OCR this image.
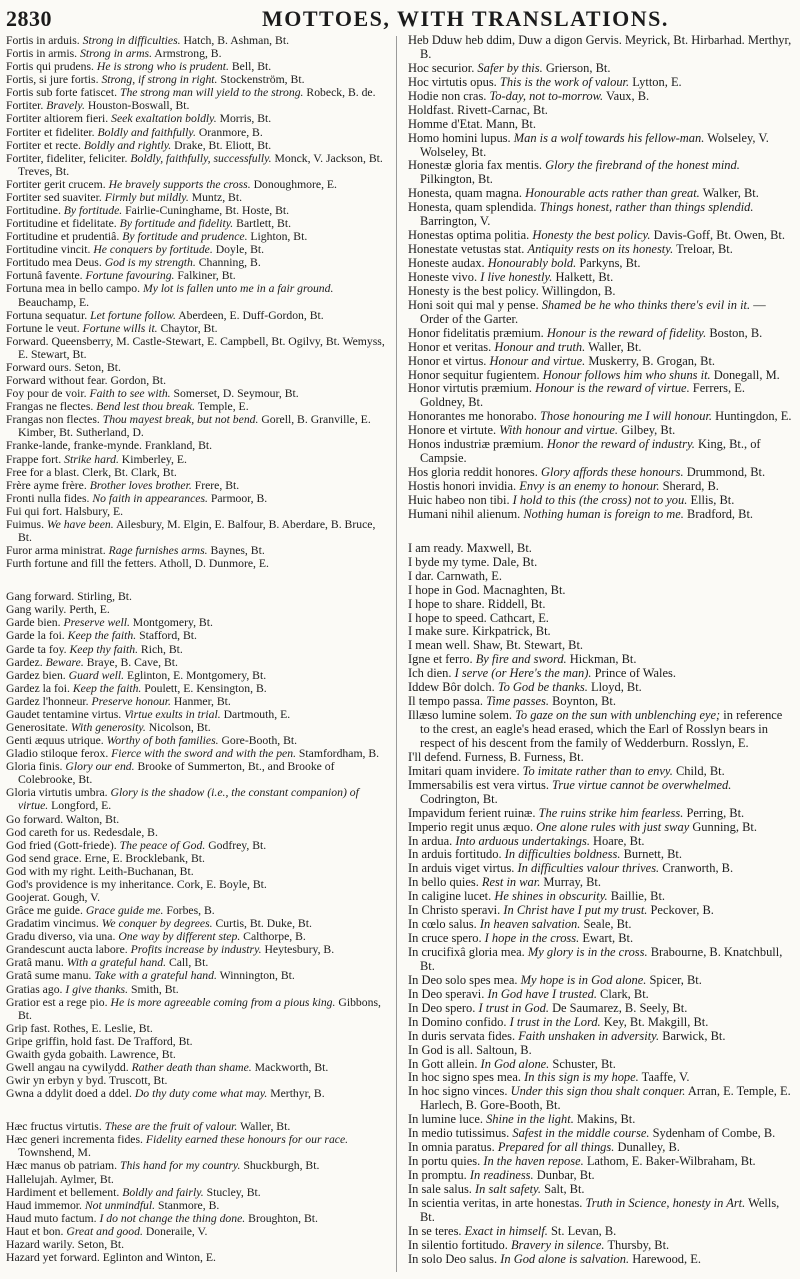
2830	MOTTOES, WITH TRANSLATIONS.

Fortis in arduis. Strong in difficulties. Hatch, B. Ashman, Bt.

Fortis in armis. Strong in arms. Armstrong, B.

Fortis qui prudens. He is strong who is prudent. Bell, Bt.

Fortis, si jure fortis. Strong, if strong in right. Stockenström, Bt.

Fortis sub forte fatiscet. The strong man will yield to the strong. Robeck, B. de.

Fortiter. Bravely. Houston-Boswall, Bt.

Fortiter altiorem fieri. Seek exaltation boldly. Morris, Bt.

Fortiter et fideliter. Boldly and faithfully. Oranmore, B.

Fortiter et recte. Boldly and rightly. Drake, Bt. Eliott, Bt.

Fortiter, fideliter, feliciter. Boldly, faithfully, successfully. Monck, V. Jackson, Bt. Treves, Bt.

Fortiter gerit crucem. He bravely supports the cross. Donoughmore, E.

Fortiter sed suaviter. Firmly but mildly. Muntz, Bt.

Fortitudine. By fortitude. Fairlie-Cuninghame, Bt. Hoste, Bt.

Fortitudine et fidelitate. By fortitude and fidelity. Bartlett, Bt.

Fortitudine et prudentiâ. By fortitude and prudence. Lighton, Bt.

Fortitudine vincit. He conquers by fortitude. Doyle, Bt.

Fortitudo mea Deus. God is my strength. Channing, B.

Fortunâ favente. Fortune favouring. Falkiner, Bt.

Fortuna mea in bello campo. My lot is fallen unto me in a fair ground. Beauchamp, E.

Fortuna sequatur. Let fortune follow. Aberdeen, E. Duff-Gordon, Bt.

Fortune le veut. Fortune wills it. Chaytor, Bt.

Forward. Queensberry, M. Castle-Stewart, E. Campbell, Bt. Ogilvy, Bt. Wemyss, E. Stewart, Bt.

Forward ours. Seton, Bt.

Forward without fear. Gordon, Bt.

Foy pour de voir. Faith to see with. Somerset, D. Seymour, Bt.

Frangas ne flectes. Bend lest thou break. Temple, E.

Frangas non flectes. Thou mayest break, but not bend. Gorell, B. Granville, E. Kimber, Bt. Sutherland, D.

Franke-lande, franke-mynde. Frankland, Bt.

Frappe fort. Strike hard. Kimberley, E.

Free for a blast. Clerk, Bt. Clark, Bt.

Frère ayme frère. Brother loves brother. Frere, Bt.

Fronti nulla fides. No faith in appearances. Parmoor, B.

Fui qui fort. Halsbury, E.

Fuimus. We have been. Ailesbury, M. Elgin, E. Balfour, B. Aberdare, B. Bruce, Bt.

Furor arma ministrat. Rage furnishes arms. Baynes, Bt.

Furth fortune and fill the fetters. Atholl, D. Dunmore, E.

Gang forward. Stirling, Bt.

Gang warily. Perth, E.

Garde bien. Preserve well. Montgomery, Bt.

Garde la foi. Keep the faith. Stafford, Bt.

Garde ta foy. Keep thy faith. Rich, Bt.

Gardez. Beware. Braye, B. Cave, Bt.

Gardez bien. Guard well. Eglinton, E. Montgomery, Bt.

Gardez la foi. Keep the faith. Poulett, E. Kensington, B.

Gardez l'honneur. Preserve honour. Hanmer, Bt.

Gaudet tentamine virtus. Virtue exults in trial. Dartmouth, E.

Generositate. With generosity. Nicolson, Bt.

Genti æquus utrique. Worthy of both families. Gore-Booth, Bt.

Gladio stiloque ferox. Fierce with the sword and with the pen. Stamfordham, B.

Gloria finis. Glory our end. Brooke of Summerton, Bt., and Brooke of Colebrooke, Bt.

Gloria virtutis umbra. Glory is the shadow (i.e., the constant companion) of virtue. Longford, E.

Go forward. Walton, Bt.

God careth for us. Redesdale, B.

God fried (Gott-friede). The peace of God. Godfrey, Bt.

God send grace. Erne, E. Brocklebank, Bt.

God with my right. Leith-Buchanan, Bt.

God's providence is my inheritance. Cork, E. Boyle, Bt.

Goojerat. Gough, V.

Grâce me guide. Grace guide me. Forbes, B.

Gradatim vincimus. We conquer by degrees. Curtis, Bt. Duke, Bt.

Gradu diverso, via una. One way by different step. Calthorpe, B.

Grandescunt aucta labore. Profits increase by industry. Heytesbury, B.

Gratâ manu. With a grateful hand. Call, Bt.

Gratâ sume manu. Take with a grateful hand. Winnington, Bt.

Gratias ago. I give thanks. Smith, Bt.

Gratior est a rege pio. He is more agreeable coming from a pious king. Gibbons, Bt.

Grip fast. Rothes, E. Leslie, Bt.

Gripe griffin, hold fast. De Trafford, Bt.

Gwaith gyda gobaith. Lawrence, Bt.

Gwell angau na cywilydd. Rather death than shame. Mackworth, Bt.

Gwir yn erbyn y byd. Truscott, Bt.

Gwna a ddylit doed a ddel. Do thy duty come what may. Merthyr, B.

Hæc fructus virtutis. These are the fruit of valour. Waller, Bt.

Hæc generi incrementa fides. Fidelity earned these honours for our race. Townshend, M.

Hæc manus ob patriam. This hand for my country. Shuckburgh, Bt.

Hallelujah. Aylmer, Bt.

Hardiment et bellement. Boldly and fairly. Stucley, Bt.

Haud immemor. Not unmindful. Stanmore, B.

Haud muto factum. I do not change the thing done. Broughton, Bt.

Haut et bon. Great and good. Doneraile, V.

Hazard warily. Seton, Bt.

Hazard yet forward. Eglinton and Winton, E.

Heb Dduw heb ddim, Duw a digon Gervis. Meyrick, Bt. Hirbarhad. Merthyr, B.

Hoc securior. Safer by this. Grierson, Bt.

Hoc virtutis opus. This is the work of valour. Lytton, E.

Hodie non cras. To-day, not to-morrow. Vaux, B.

Holdfast. Rivett-Carnac, Bt.

Homme d'Etat. Mann, Bt.

Homo homini lupus. Man is a wolf towards his fellow-man. Wolseley, V. Wolseley, Bt.

Honestæ gloria fax mentis. Glory the firebrand of the honest mind. Pilkington, Bt.

Honesta, quam magna. Honourable acts rather than great. Walker, Bt.

Honesta, quam splendida. Things honest, rather than things splendid. Barrington, V.

Honestas optima politia. Honesty the best policy. Davis-Goff, Bt. Owen, Bt.

Honestate vetustas stat. Antiquity rests on its honesty. Treloar, Bt.

Honeste audax. Honourably bold. Parkyns, Bt.

Honeste vivo. I live honestly. Halkett, Bt.

Honesty is the best policy. Willingdon, B.

Honi soit qui mal y pense. Shamed be he who thinks there's evil in it. —Order of the Garter.

Honor fidelitatis præmium. Honour is the reward of fidelity. Boston, B.

Honor et veritas. Honour and truth. Waller, Bt.

Honor et virtus. Honour and virtue. Muskerry, B. Grogan, Bt.

Honor sequitur fugientem. Honour follows him who shuns it. Donegall, M.

Honor virtutis præmium. Honour is the reward of virtue. Ferrers, E. Goldney, Bt.

Honorantes me honorabo. Those honouring me I will honour. Huntingdon, E.

Honore et virtute. With honour and virtue. Gilbey, Bt.

Honos industriæ præmium. Honor the reward of industry. King, Bt., of Campsie.

Hos gloria reddit honores. Glory affords these honours. Drummond, Bt.

Hostis honori invidia. Envy is an enemy to honour. Sherard, B.

Huic habeo non tibi. I hold to this (the cross) not to you. Ellis, Bt.

Humani nihil alienum. Nothing human is foreign to me. Bradford, Bt.

I am ready. Maxwell, Bt.

I byde my tyme. Dale, Bt.

I dar. Carnwath, E.

I hope in God. Macnaghten, Bt.

I hope to share. Riddell, Bt.

I hope to speed. Cathcart, E.

I make sure. Kirkpatrick, Bt.

I mean well. Shaw, Bt. Stewart, Bt.

Igne et ferro. By fire and sword. Hickman, Bt.

Ich dien. I serve (or Here's the man). Prince of Wales.

Iddew Bôr dolch. To God be thanks. Lloyd, Bt.

Il tempo passa. Time passes. Boynton, Bt.

Illæso lumine solem. To gaze on the sun with unblenching eye; in reference to the crest, an eagle's head erased, which the Earl of Rosslyn bears in respect of his descent from the family of Wedderburn. Rosslyn, E.

I'll defend. Furness, B. Furness, Bt.

Imitari quam invidere. To imitate rather than to envy. Child, Bt.

Immersabilis est vera virtus. True virtue cannot be overwhelmed. Codrington, Bt.

Impavidum ferient ruinæ. The ruins strike him fearless. Perring, Bt.

Imperio regit unus æquo. One alone rules with just sway Gunning, Bt.

In ardua. Into arduous undertakings. Hoare, Bt.

In arduis fortitudo. In difficulties boldness. Burnett, Bt.

In arduis viget virtus. In difficulties valour thrives. Cranworth, B.

In bello quies. Rest in war. Murray, Bt.

In caligine lucet. He shines in obscurity. Baillie, Bt.

In Christo speravi. In Christ have I put my trust. Peckover, B.

In cœlo salus. In heaven salvation. Seale, Bt.

In cruce spero. I hope in the cross. Ewart, Bt.

In crucifixâ gloria mea. My glory is in the cross. Brabourne, B. Knatchbull, Bt.

In Deo solo spes mea. My hope is in God alone. Spicer, Bt.

In Deo speravi. In God have I trusted. Clark, Bt.

In Deo spero. I trust in God. De Saumarez, B. Seely, Bt.

In Domino confido. I trust in the Lord. Key, Bt. Makgill, Bt.

In duris servata fides. Faith unshaken in adversity. Barwick, Bt.

In God is all. Saltoun, B.

In Gott allein. In God alone. Schuster, Bt.

In hoc signo spes mea. In this sign is my hope. Taaffe, V.

In hoc signo vinces. Under this sign thou shalt conquer. Arran, E. Temple, E. Harlech, B. Gore-Booth, Bt.

In lumine luce. Shine in the light. Makins, Bt.

In medio tutissimus. Safest in the middle course. Sydenham of Combe, B.

In omnia paratus. Prepared for all things. Dunalley, B.

In portu quies. In the haven repose. Lathom, E. Baker-Wilbraham, Bt.

In promptu. In readiness. Dunbar, Bt.

In sale salus. In salt safety. Salt, Bt.

In scientia veritas, in arte honestas. Truth in Science, honesty in Art. Wells, Bt.

In se teres. Exact in himself. St. Levan, B.

In silentio fortitudo. Bravery in silence. Thursby, Bt.

In solo Deo salus. In God alone is salvation. Harewood, E.
